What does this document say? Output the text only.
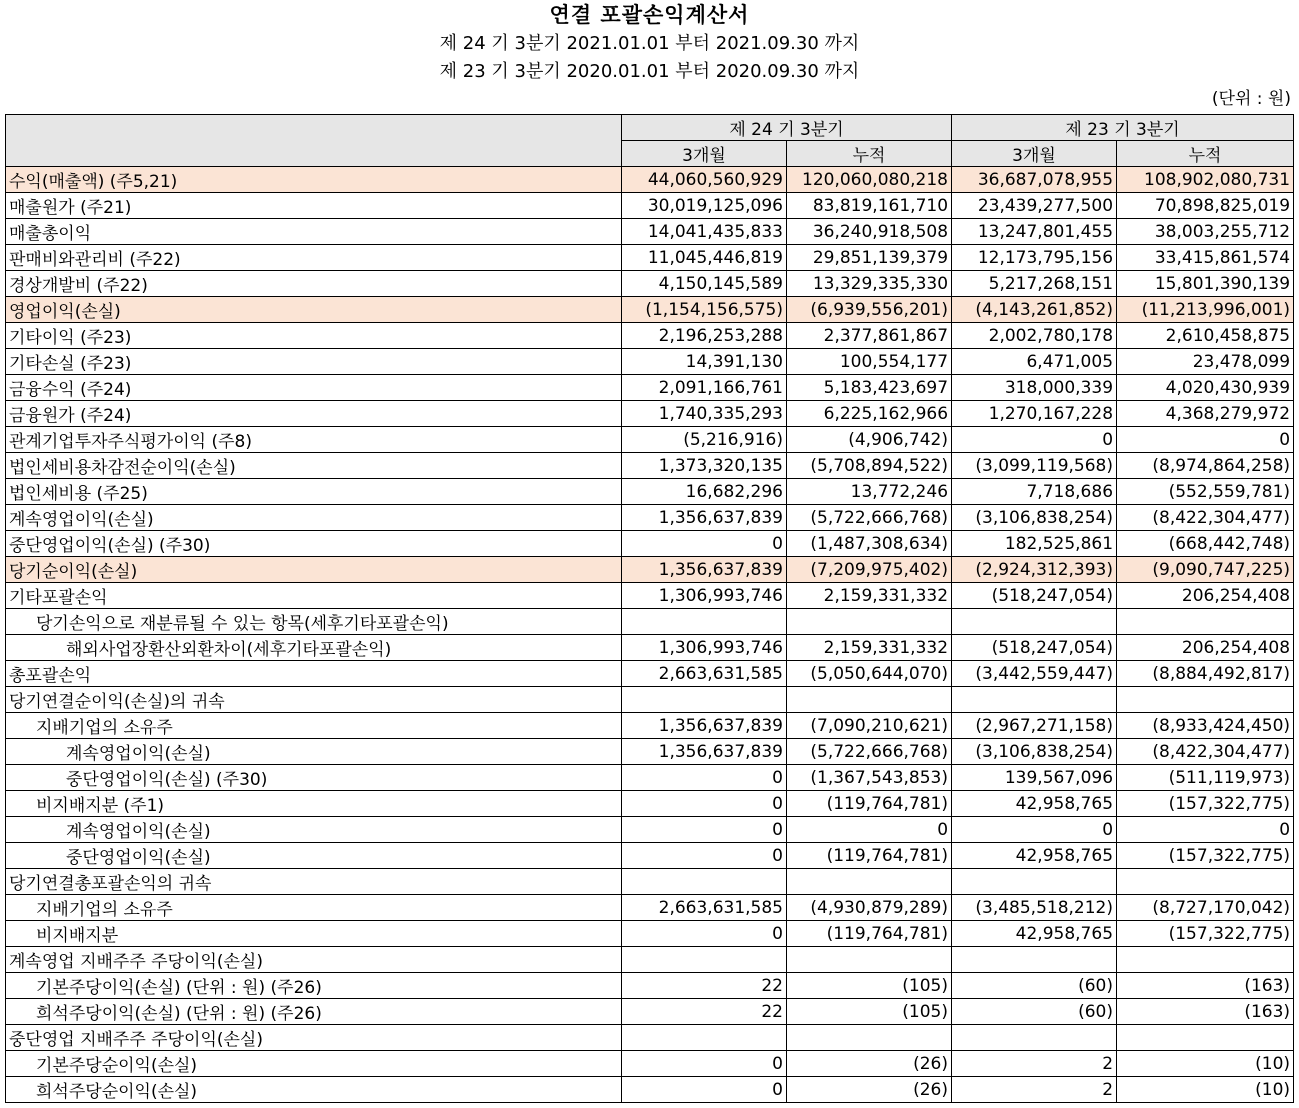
연결 포괄손익계산서
제 24 기 3분기 2021.01.01 부터 2021.09.30 까지
제 23 기 3분기 2020.01.01 부터 2020.09.30 까지
(단위 : 원)
	제 24 기 3분기		제 23 기 3분기	
	3개월	누적	3개월	누적
수익(매출액) (주5,21)	44,060,560,929	120,060,080,218	36,687,078,955	108,902,080,731
매출원가 (주21)	30,019,125,096	83,819,161,710	23,439,277,500	70,898,825,019
매출총이익	14,041,435,833	36,240,918,508	13,247,801,455	38,003,255,712
판매비와관리비 (주22)	11,045,446,819	29,851,139,379	12,173,795,156	33,415,861,574
경상개발비 (주22)	4,150,145,589	13,329,335,330	5,217,268,151	15,801,390,139
영업이익(손실)	(1,154,156,575)	(6,939,556,201)	(4,143,261,852)	(11,213,996,001)
기타이익 (주23)	2,196,253,288	2,377,861,867	2,002,780,178	2,610,458,875
기타손실 (주23)	14,391,130	100,554,177	6,471,005	23,478,099
금융수익 (주24)	2,091,166,761	5,183,423,697	318,000,339	4,020,430,939
금융원가 (주24)	1,740,335,293	6,225,162,966	1,270,167,228	4,368,279,972
관계기업투자주식평가이익 (주8)	(5,216,916)	(4,906,742)	0	0
법인세비용차감전순이익(손실)	1,373,320,135	(5,708,894,522)	(3,099,119,568)	(8,974,864,258)
법인세비용 (주25)	16,682,296	13,772,246	7,718,686	(552,559,781)
계속영업이익(손실)	1,356,637,839	(5,722,666,768)	(3,106,838,254)	(8,422,304,477)
중단영업이익(손실) (주30)	0	(1,487,308,634)	182,525,861	(668,442,748)
당기순이익(손실)	1,356,637,839	(7,209,975,402)	(2,924,312,393)	(9,090,747,225)
기타포괄손익	1,306,993,746	2,159,331,332	(518,247,054)	206,254,408
당기손익으로 재분류될 수 있는 항목(세후기타포괄손익)				
해외사업장환산외환차이(세후기타포괄손익)	1,306,993,746	2,159,331,332	(518,247,054)	206,254,408
총포괄손익	2,663,631,585	(5,050,644,070)	(3,442,559,447)	(8,884,492,817)
당기연결순이익(손실)의 귀속				
지배기업의 소유주	1,356,637,839	(7,090,210,621)	(2,967,271,158)	(8,933,424,450)
계속영업이익(손실)	1,356,637,839	(5,722,666,768)	(3,106,838,254)	(8,422,304,477)
중단영업이익(손실) (주30)	0	(1,367,543,853)	139,567,096	(511,119,973)
비지배지분 (주1)	0	(119,764,781)	42,958,765	(157,322,775)
계속영업이익(손실)	0	0	0	0
중단영업이익(손실)	0	(119,764,781)	42,958,765	(157,322,775)
당기연결총포괄손익의 귀속				
지배기업의 소유주	2,663,631,585	(4,930,879,289)	(3,485,518,212)	(8,727,170,042)
비지배지분	0	(119,764,781)	42,958,765	(157,322,775)
계속영업 지배주주 주당이익(손실)				
기본주당이익(손실) (단위 : 원) (주26)	22	(105)	(60)	(163)
희석주당이익(손실) (단위 : 원) (주26)	22	(105)	(60)	(163)
중단영업 지배주주 주당이익(손실)				
기본주당순이익(손실)	0	(26)	2	(10)
희석주당순이익(손실)	0	(26)	2	(10)
